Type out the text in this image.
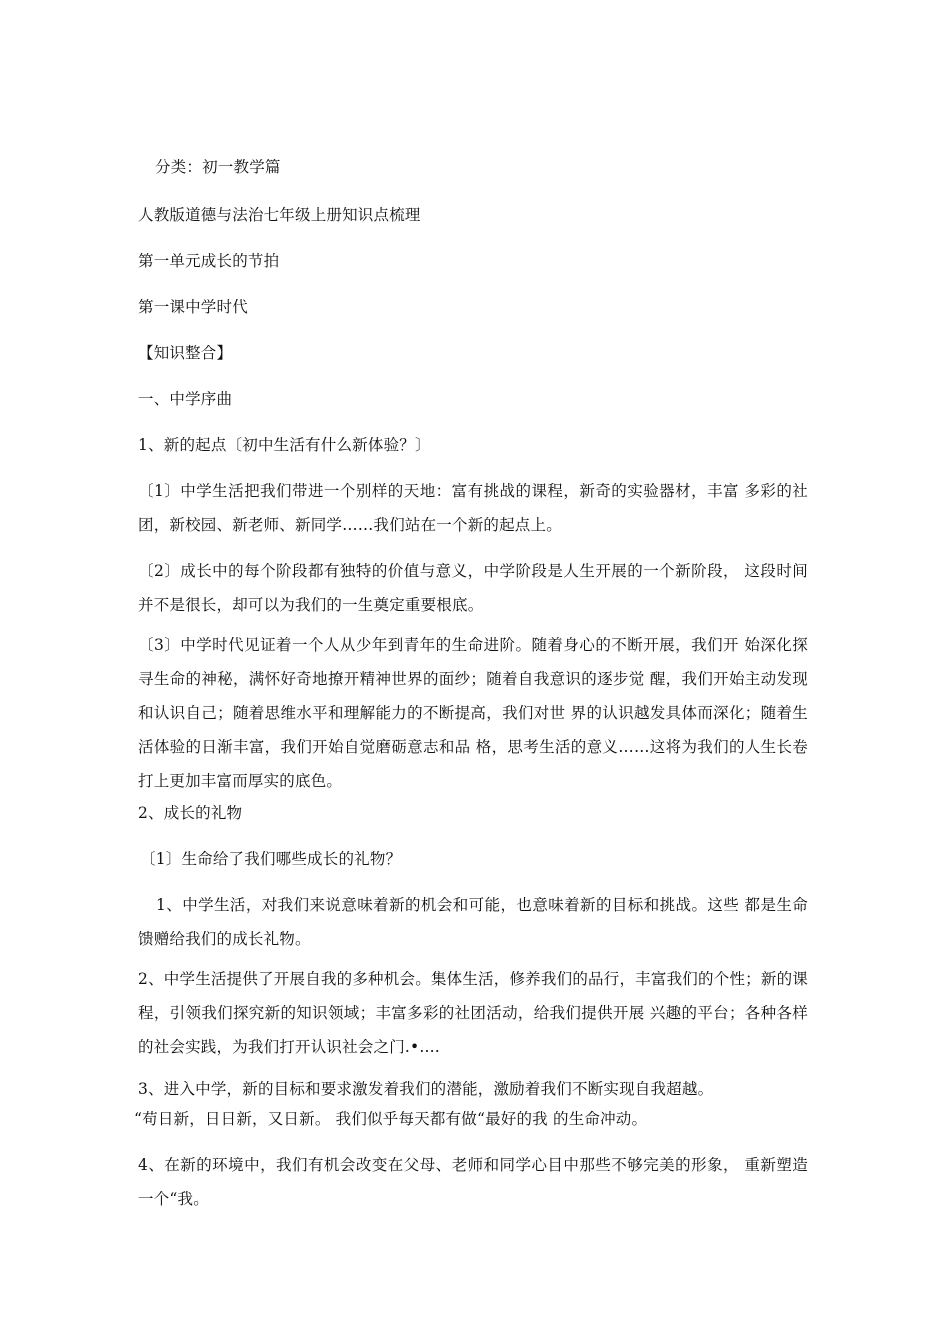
分类：初一教学篇
人教版道德与法治七年级上册知识点梳理
第一单元成长的节拍
第一课中学时代
【知识整合】
一、中学序曲
1、新的起点〔初中生活有什么新体验？〕
〔1〕中学生活把我们带进一个别样的天地：富有挑战的课程，新奇的实验器材，丰富 多彩的社团，新校园、新老师、新同学……我们站在一个新的起点上。
〔2〕成长中的每个阶段都有独特的价值与意义，中学阶段是人生开展的一个新阶段， 这段时间并不是很长，却可以为我们的一生奠定重要根底。
〔3〕中学时代见证着一个人从少年到青年的生命进阶。随着身心的不断开展，我们开 始深化探寻生命的神秘，满怀好奇地撩开精神世界的面纱；随着自我意识的逐步觉 醒，我们开始主动发现和认识自己；随着思维水平和理解能力的不断提高，我们对世 界的认识越发具体而深化；随着生活体验的日渐丰富，我们开始自觉磨砺意志和品 格，思考生活的意义……这将为我们的人生长卷打上更加丰富而厚实的底色。
2、成长的礼物
〔1〕生命给了我们哪些成长的礼物？
1、中学生活，对我们来说意味着新的机会和可能，也意味着新的目标和挑战。这些 都是生命馈赠给我们的成长礼物。
2、中学生活提供了开展自我的多种机会。集体生活，修养我们的品行，丰富我们的个性；新的课程，引领我们探究新的知识领域；丰富多彩的社团活动，给我们提供开展 兴趣的平台；各种各样的社会实践，为我们打开认识社会之门.•....
3、进入中学，新的目标和要求激发着我们的潜能，激励着我们不断实现自我超越。
“苟日新，日日新，又日新。 我们似乎每天都有做“最好的我 的生命冲动。
4、在新的环境中，我们有机会改变在父母、老师和同学心目中那些不够完美的形象， 重新塑造一个“我。
